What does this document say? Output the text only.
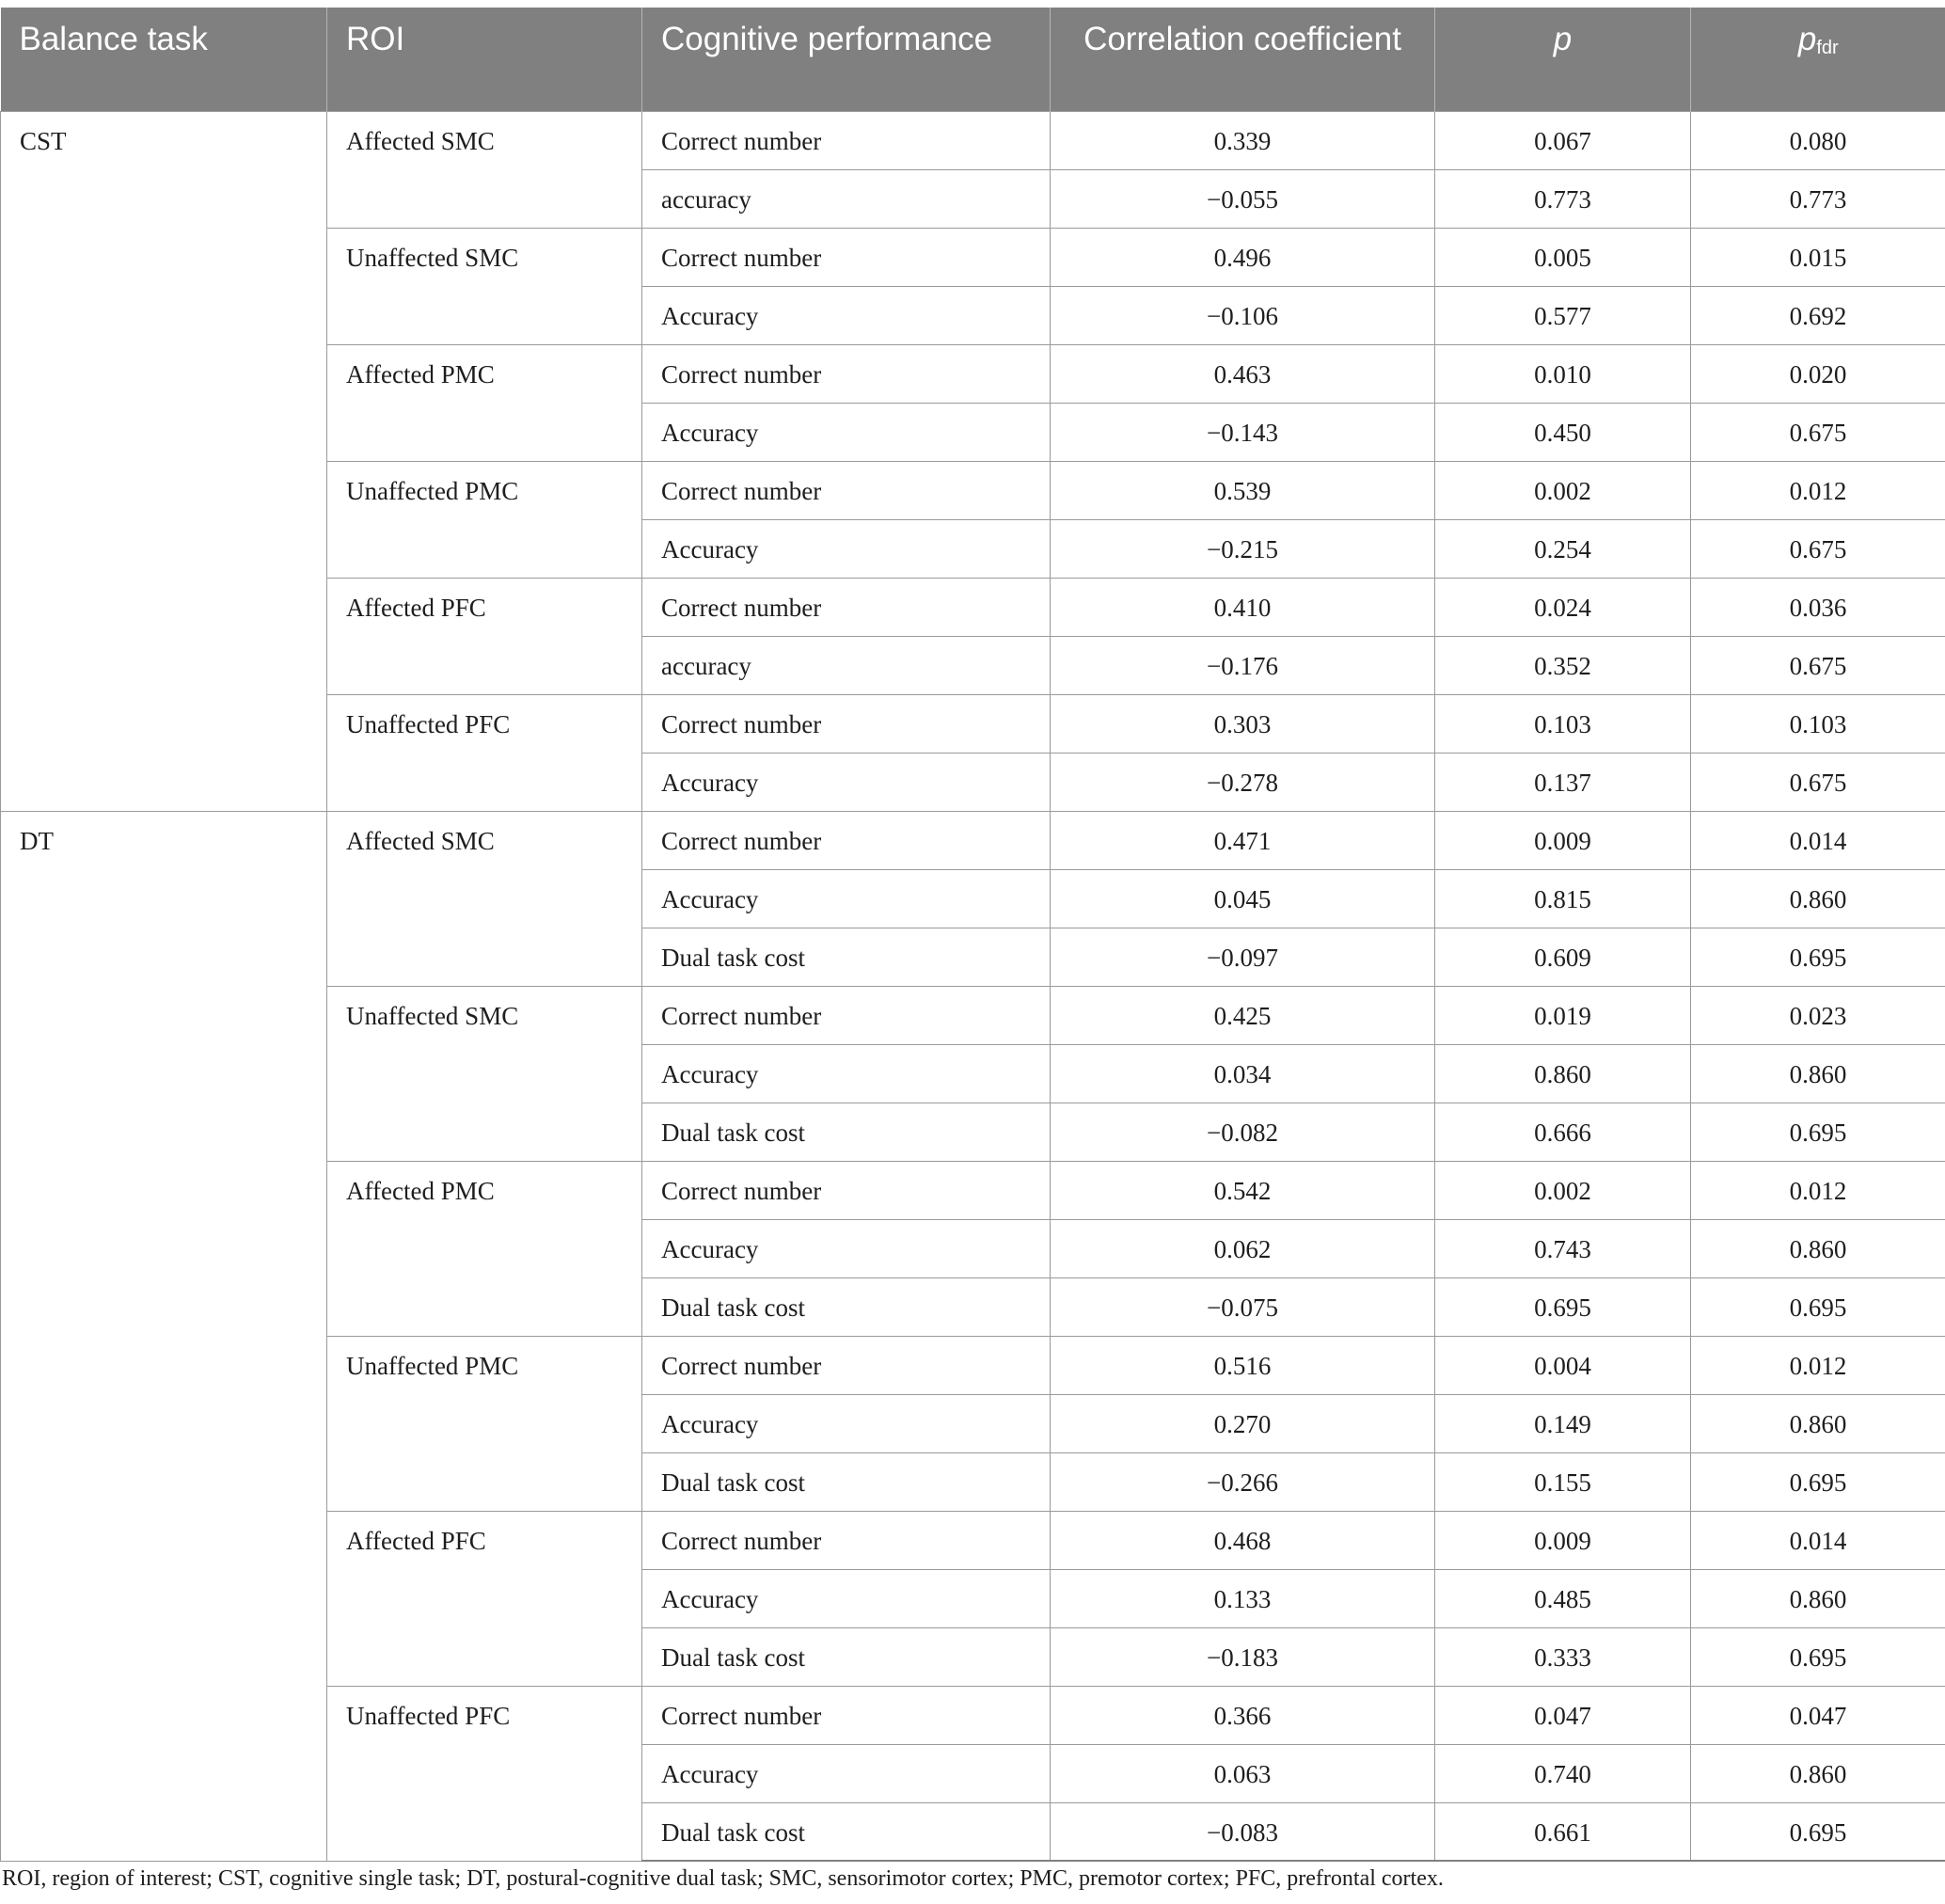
Balance task	ROI	Cognitive performance	Correlation coefficient	p	$p_{fdr}$
CST	Affected SMC	Correct number	0.339	0.067	0.080
		accuracy	−0.055	0.773	0.773
	Unaffected SMC	Correct number	0.496	0.005	0.015
		Accuracy	−0.106	0.577	0.692
	Affected PMC	Correct number	0.463	0.010	0.020
		Accuracy	−0.143	0.450	0.675
	Unaffected PMC	Correct number	0.539	0.002	0.012
		Accuracy	−0.215	0.254	0.675
	Affected PFC	Correct number	0.410	0.024	0.036
		accuracy	−0.176	0.352	0.675
	Unaffected PFC	Correct number	0.303	0.103	0.103
		Accuracy	−0.278	0.137	0.675
DT	Affected SMC	Correct number	0.471	0.009	0.014
		Accuracy	0.045	0.815	0.860
		Dual task cost	−0.097	0.609	0.695
	Unaffected SMC	Correct number	0.425	0.019	0.023
		Accuracy	0.034	0.860	0.860
		Dual task cost	−0.082	0.666	0.695
	Affected PMC	Correct number	0.542	0.002	0.012
		Accuracy	0.062	0.743	0.860
		Dual task cost	−0.075	0.695	0.695
	Unaffected PMC	Correct number	0.516	0.004	0.012
		Accuracy	0.270	0.149	0.860
		Dual task cost	−0.266	0.155	0.695
	Affected PFC	Correct number	0.468	0.009	0.014
		Accuracy	0.133	0.485	0.860
		Dual task cost	−0.183	0.333	0.695
	Unaffected PFC	Correct number	0.366	0.047	0.047
		Accuracy	0.063	0.740	0.860
		Dual task cost	−0.083	0.661	0.695
ROI, region of interest; CST, cognitive single task; DT, postural-cognitive dual task; SMC, sensorimotor cortex; PMC, premotor cortex; PFC, prefrontal cortex.
